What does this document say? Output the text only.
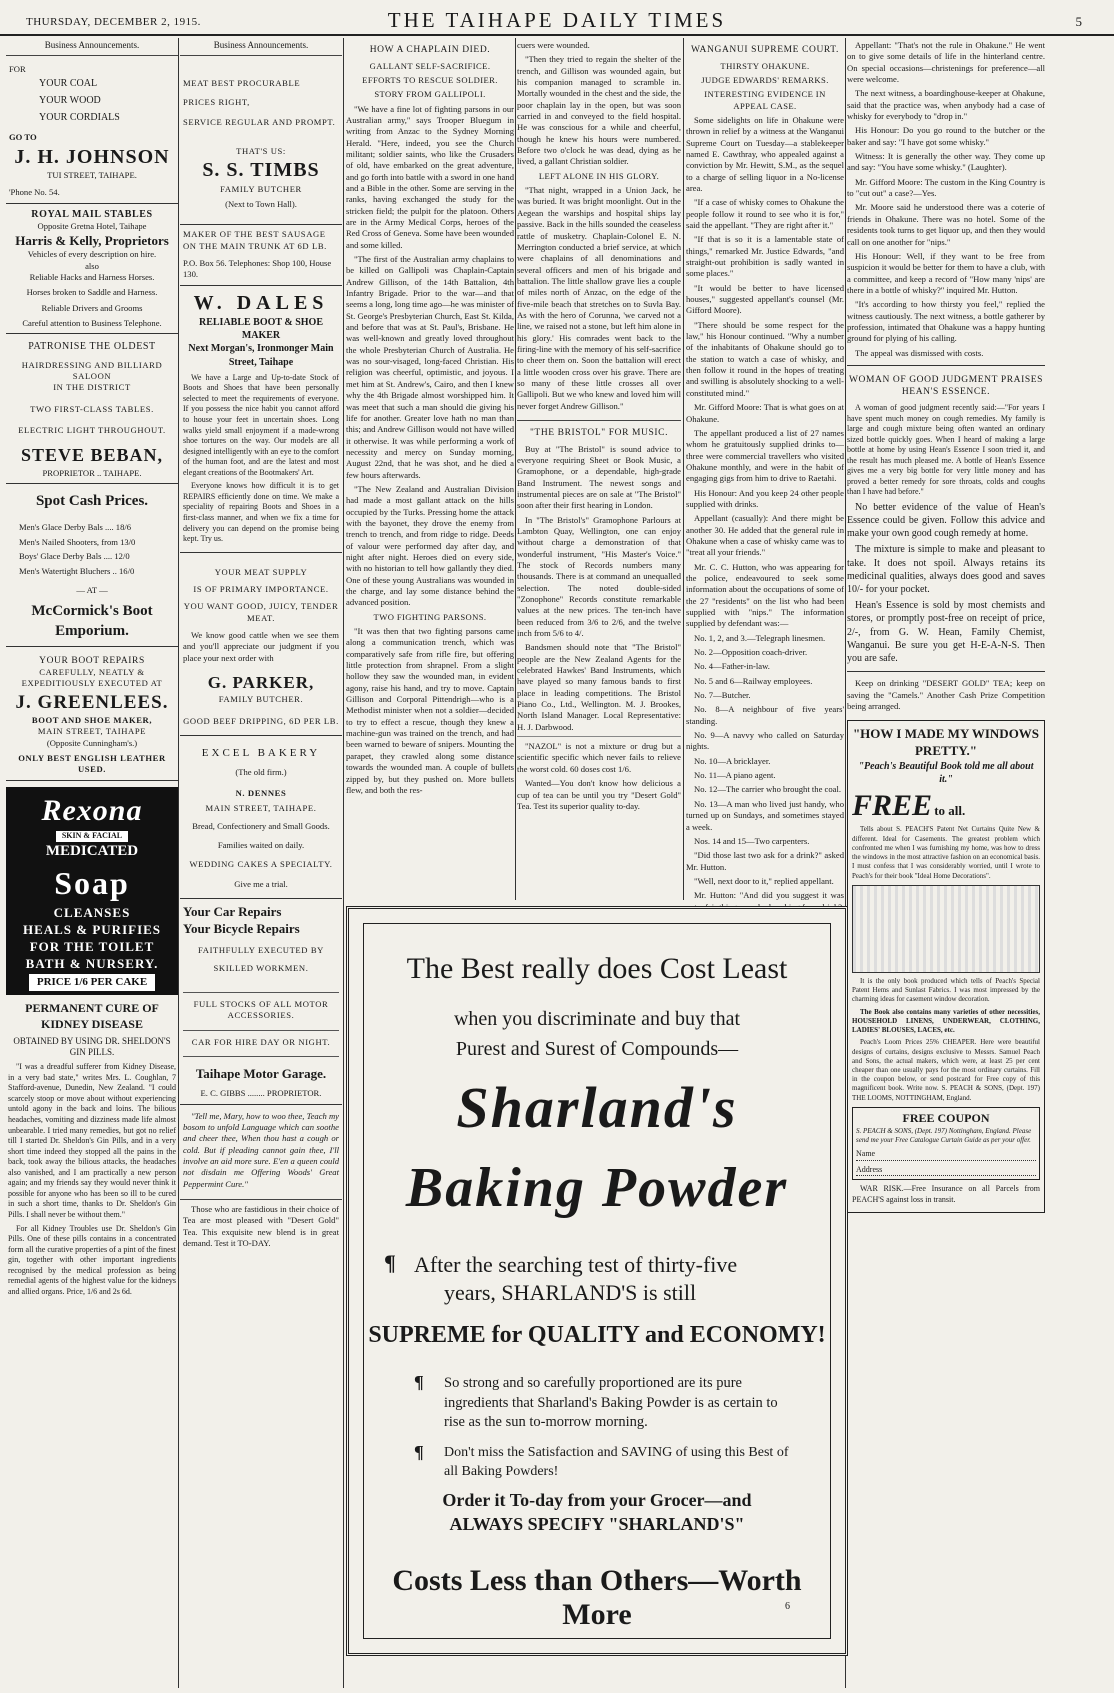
THURSDAY, DECEMBER 2, 1915.	THE TAIHAPE DAILY TIMES	5
Business Announcements.
FOR
YOUR COAL
YOUR WOOD
YOUR CORDIALS
GO TO
J. H. JOHNSON
TUI STREET, TAIHAPE.
'Phone No. 54.
ROYAL MAIL STABLES
Opposite Gretna Hotel, Taihape
Harris & Kelly, Proprietors
Vehicles of every description on hire.
also
Reliable Hacks and Harness Horses.
Horses broken to Saddle and Harness.
Reliable Drivers and Grooms
Careful attention to Business Telephone.
PATRONISE THE OLDEST
HAIRDRESSING AND BILLIARD SALOON
IN THE DISTRICT
TWO FIRST-CLASS TABLES.
ELECTRIC LIGHT THROUGHOUT.
STEVE BEBAN,
PROPRIETOR .. TAIHAPE.
Spot Cash Prices.
Men's Glace Derby Bals .... 18/6
Men's Nailed Shooters, from 13/0
Boys' Glace Derby Bals .... 12/0
Men's Watertight Bluchers .. 16/0
— AT —
McCormick's Boot Emporium.
YOUR BOOT REPAIRS
CAREFULLY, NEATLY & EXPEDITIOUSLY EXECUTED AT
J. GREENLEES.
BOOT AND SHOE MAKER,
MAIN STREET, TAIHAPE
(Opposite Cunningham's.)
ONLY BEST ENGLISH LEATHER USED.
Rexona
SKIN & FACIAL
MEDICATED Soap
CLEANSES
HEALS & PURIFIES
FOR THE TOILET
BATH & NURSERY.
PRICE 1/6 PER CAKE
PERMANENT CURE OF KIDNEY DISEASE
OBTAINED BY USING DR. SHELDON'S GIN PILLS.

"I was a dreadful sufferer from Kidney Disease, in a very bad state," writes Mrs. L. Coughlan, 7 Stafford-avenue, Dunedin, New Zealand. "I could scarcely stoop or move about without experiencing untold agony in the back and loins. The bilious headaches, vomiting and dizziness made life almost unbearable. I tried many remedies, but got no relief till I started Dr. Sheldon's Gin Pills, and in a very short time indeed they stopped all the pains in the back, took away the bilious attacks, the headaches also vanished, and I am practically a new person again; and my friends say they would never think it possible for anyone who has been so ill to be cured in such a short time, thanks to Dr. Sheldon's Gin Pills. I shall never be without them."

For all Kidney Troubles use Dr. Sheldon's Gin Pills. One of these pills contains in a concentrated form all the curative properties of a pint of the finest gin, together with other important ingredients recognised by the medical profession as being remedial agents of the highest value for the kidneys and allied organs. Price, 1/6 and 2s 6d.

Business Announcements.
MEAT BEST PROCURABLE
PRICES RIGHT,
SERVICE REGULAR AND PROMPT.
THAT'S US:
S. S. TIMBS
FAMILY BUTCHER
(Next to Town Hall).
MAKER OF THE BEST SAUSAGE ON THE MAIN TRUNK AT 6D LB.
P.O. Box 56. Telephones: Shop 100, House 130.
W. DALES
RELIABLE BOOT & SHOE MAKER
Next Morgan's, Ironmonger Main Street, Taihape

We have a Large and Up-to-date Stock of Boots and Shoes that have been personally selected to meet the requirements of everyone. If you possess the nice habit you cannot afford to house your feet in uncertain shoes. Long walks yield small enjoyment if a made-wrong shoe tortures on the way. Our models are all designed intelligently with an eye to the comfort of the human foot, and are the latest and most elegant creations of the Bootmakers' Art.

Everyone knows how difficult it is to get REPAIRS efficiently done on time. We make a speciality of repairing Boots and Shoes in a first-class manner, and when we fix a time for delivery you can depend on the promise being kept. Try us.

YOUR MEAT SUPPLY
IS OF PRIMARY IMPORTANCE.
YOU WANT GOOD, JUICY, TENDER MEAT.

We know good cattle when we see them and you'll appreciate our judgment if you place your next order with

G. PARKER,
FAMILY BUTCHER.
GOOD BEEF DRIPPING, 6D PER LB.
EXCEL BAKERY
(The old firm.)
N. DENNES
MAIN STREET, TAIHAPE.
Bread, Confectionery and Small Goods.
Families waited on daily.
WEDDING CAKES A SPECIALTY.
Give me a trial.
Your Car Repairs
Your Bicycle Repairs
FAITHFULLY EXECUTED BY
SKILLED WORKMEN.
FULL STOCKS OF ALL MOTOR ACCESSORIES.
CAR FOR HIRE DAY OR NIGHT.
Taihape Motor Garage.
E. C. GIBBS ........ PROPRIETOR.

"Tell me, Mary, how to woo thee, Teach my bosom to unfold Language which can soothe and cheer thee, When thou hast a cough or cold. But if pleading cannot gain thee, I'll involve an aid more sure. E'en a queen could not disdain me Offering Woods' Great Peppermint Cure."

Those who are fastidious in their choice of Tea are most pleased with "Desert Gold" Tea. This exquisite new blend is in great demand. Test it TO-DAY.

HOW A CHAPLAIN DIED.
GALLANT SELF-SACRIFICE.
EFFORTS TO RESCUE SOLDIER.
STORY FROM GALLIPOLI.

"We have a fine lot of fighting parsons in our Australian army," says Trooper Bluegum in writing from Anzac to the Sydney Morning Herald. "Here, indeed, you see the Church militant; soldier saints, who like the Crusaders of old, have embarked on the great adventure, and go forth into battle with a sword in one hand and a Bible in the other. Some are serving in the ranks, having exchanged the study for the stricken field; the pulpit for the platoon. Others are in the Army Medical Corps, heroes of the Red Cross of Geneva. Some have been wounded and some killed.

"The first of the Australian army chaplains to be killed on Gallipoli was Chaplain-Captain Andrew Gillison, of the 14th Battalion, 4th Infantry Brigade. Prior to the war—and that seems a long, long time ago—he was minister of St. George's Presbyterian Church, East St. Kilda, and before that was at St. Paul's, Brisbane. He was well-known and greatly loved throughout the whole Presbyterian Church of Australia. He was no sour-visaged, long-faced Christian. His religion was cheerful, optimistic, and joyous. I met him at St. Andrew's, Cairo, and then I knew why the 4th Brigade almost worshipped him. It was meet that such a man should die giving his life for another. Greater love hath no man than this; and Andrew Gillison would not have willed it otherwise. It was while performing a work of necessity and mercy on Sunday morning, August 22nd, that he was shot, and he died a few hours afterwards.

"The New Zealand and Australian Division had made a most gallant attack on the hills occupied by the Turks. Pressing home the attack with the bayonet, they drove the enemy from trench to trench, and from ridge to ridge. Deeds of valour were performed day after day, and night after night. Heroes died on every side, with no historian to tell how gallantly they died. One of these young Australians was wounded in the charge, and lay some distance behind the advanced position.

TWO FIGHTING PARSONS.

"It was then that two fighting parsons came along a communication trench, which was comparatively safe from rifle fire, but offering little protection from shrapnel. From a slight hollow they saw the wounded man, in evident agony, raise his hand, and try to move. Captain Gillison and Corporal Pittendrigh—who is a Methodist minister when not a soldier—decided to try to effect a rescue, though they knew a machine-gun was trained on the trench, and had been warned to beware of snipers. Mounting the parapet, they crawled along some distance towards the wounded man. A couple of bullets zipped by, but they pushed on. More bullets flew, and both the res-

cuers were wounded.

"Then they tried to regain the shelter of the trench, and Gillison was wounded again, but his companion managed to scramble in. Mortally wounded in the chest and the side, the poor chaplain lay in the open, but was soon carried in and conveyed to the field hospital. He was conscious for a while and cheerful, though he knew his hours were numbered. Before two o'clock he was dead, dying as he lived, a gallant Christian soldier.

LEFT ALONE IN HIS GLORY.

"That night, wrapped in a Union Jack, he was buried. It was bright moonlight. Out in the Aegean the warships and hospital ships lay passive. Back in the hills sounded the ceaseless rattle of musketry. Chaplain-Colonel E. N. Merrington conducted a brief service, at which were chaplains of all denominations and several officers and men of his brigade and battalion. The little shallow grave lies a couple of miles north of Anzac, on the edge of the five-mile beach that stretches on to Suvla Bay. As with the hero of Corunna, 'we carved not a line, we raised not a stone, but left him alone in his glory.' His comrades went back to the firing-line with the memory of his self-sacrifice to cheer them on. Soon the battalion will erect a little wooden cross over his grave. There are so many of these little crosses all over Gallipoli. But we who knew and loved him will never forget Andrew Gillison."

"THE BRISTOL" FOR MUSIC.

Buy at "The Bristol" is sound advice to everyone requiring Sheet or Book Music, a Gramophone, or a dependable, high-grade Band Instrument. The newest songs and instrumental pieces are on sale at "The Bristol" soon after their first hearing in London.

In "The Bristol's" Gramophone Parlours at Lambton Quay, Wellington, one can enjoy without charge a demonstration of that wonderful instrument, "His Master's Voice." The stock of Records numbers many thousands. There is at command an unequalled selection. The noted double-sided "Zonophone" Records constitute remarkable values at the new prices. The ten-inch have been reduced from 3/6 to 2/6, and the twelve inch from 5/6 to 4/.

Bandsmen should note that "The Bristol" people are the New Zealand Agents for the celebrated Hawkes' Band Instruments, which have played so many famous bands to first place in leading competitions. The Bristol Piano Co., Ltd., Wellington. M. J. Brookes, North Island Manager. Local Representative: H. J. Darbwood.

"NAZOL" is not a mixture or drug but a scientific specific which never fails to relieve the worst cold. 60 doses cost 1/6.

Wanted—You don't know how delicious a cup of tea can be until you try "Desert Gold" Tea. Test its superior quality to-day.

WANGANUI SUPREME COURT.
THIRSTY OHAKUNE.
JUDGE EDWARDS' REMARKS.
INTERESTING EVIDENCE IN APPEAL CASE.

Some sidelights on life in Ohakune were thrown in relief by a witness at the Wanganui Supreme Court on Tuesday—a stablekeeper named E. Cawthray, who appealed against a conviction by Mr. Hewitt, S.M., as the sequel to a charge of selling liquor in a No-license area.

"If a case of whisky comes to Ohakune the people follow it round to see who it is for," said the appellant. "They are right after it."

"If that is so it is a lamentable state of things," remarked Mr. Justice Edwards, "and straight-out prohibition is sadly wanted in some places."

"It would be better to have licensed houses," suggested appellant's counsel (Mr. Gifford Moore).

"There should be some respect for the law," his Honour continued. "Why a number of the inhabitants of Ohakune should go to the station to watch a case of whisky, and then follow it round in the hopes of treating and swilling is absolutely shocking to a well-constituted mind."

Mr. Gifford Moore: That is what goes on at Ohakune.

The appellant produced a list of 27 names whom he gratuitously supplied drinks to—three were commercial travellers who visited Ohakune monthly, and were in the habit of engaging gigs from him to drive to Raetahi.

His Honour: And you keep 24 other people supplied with drinks.

Appellant (casually): And there might be another 30. He added that the general rule in Ohakune when a case of whisky came was to "treat all your friends."

Mr. C. C. Hutton, who was appearing for the police, endeavoured to seek some information about the occupations of some of the 27 "residents" on the list who had been supplied with "nips." The information supplied by defendant was:—

No. 1, 2, and 3.—Telegraph linesmen.

No. 2—Opposition coach-driver.

No. 4—Father-in-law.

No. 5 and 6—Railway employees.

No. 7—Butcher.

No. 8—A neighbour of five years' standing.

No. 9—A navvy who called on Saturday nights.

No. 10—A bricklayer.

No. 11—A piano agent.

No. 12—The carrier who brought the coal.

No. 13—A man who lived just handy, who turned up on Sundays, and sometimes stayed a week.

Nos. 14 and 15—Two carpenters.

"Did those last two ask for a drink?" asked Mr. Hutton.

"Well, next door to it," replied appellant.

Mr. Hutton: "And did you suggest it was

Appellant: "That's not the rule in Ohakune." He went on to give some details of life in the hinterland centre. On special occasions—christenings for preference—all were welcome.

The next witness, a boardinghouse-keeper at Ohakune, said that the practice was, when anybody had a case of whisky for everybody to "drop in."

His Honour: Do you go round to the butcher or the baker and say: "I have got some whisky."

Witness: It is generally the other way. They come up and say: "You have some whisky." (Laughter).

Mr. Gifford Moore: The custom in the King Country is to "cut out" a case?—Yes.

Mr. Moore said he understood there was a coterie of friends in Ohakune. There was no hotel. Some of the residents took turns to get liquor up, and then they would call on one another for "nips."

His Honour: Well, if they want to be free from suspicion it would be better for them to have a club, with a committee, and keep a record of "How many 'nips' are there in a bottle of whisky?" inquired Mr. Hutton.

"It's according to how thirsty you feel," replied the witness cautiously. The next witness, a bottle gatherer by profession, intimated that Ohakune was a happy hunting ground for plying of his calling.

The appeal was dismissed with costs.

WOMAN OF GOOD JUDGMENT PRAISES HEAN'S ESSENCE.

A woman of good judgment recently said:—"For years I have spent much money on cough remedies. My family is large and cough mixture being often wanted an ordinary sized bottle quickly goes. When I heard of making a large bottle at home by using Hean's Essence I soon tried it, and the result has much pleased me. A bottle of Hean's Essence gives me a very big bottle for very little money and has proved a better remedy for sore throats, colds and coughs than I have had before."

No better evidence of the value of Hean's Essence could be given. Follow this advice and make your own good cough remedy at home.

The mixture is simple to make and pleasant to take. It does not spoil. Always retains its medicinal qualities, always does good and saves 10/- for your pocket.

Hean's Essence is sold by most chemists and stores, or promptly post-free on receipt of price, 2/-, from G. W. Hean, Family Chemist, Wanganui. Be sure you get H-E-A-N-S. Then you are safe.

Keep on drinking "DESERT GOLD" TEA; keep on saving the "Camels." Another Cash Prize Competition being arranged.

"HOW I MADE MY WINDOWS PRETTY."
"Peach's Beautiful Book told me all about it."
FREE to all.

Tells about S. PEACH'S Patent Net Curtains Quite New & different. Ideal for Casements. The greatest problem which confronted me when I was furnishing my home, was how to dress the windows in the most attractive fashion on an economical basis. I must confess that I was considerably worried, until I wrote to Peach's for their book "Ideal Home Decorations".

It is the only book produced which tells of Peach's Special Patent Hems and Sunlast Fabrics. I was most impressed by the charming ideas for casement window decoration.

The Book also contains many varieties of other necessities, HOUSEHOLD LINENS, UNDERWEAR, CLOTHING, LADIES' BLOUSES, LACES, etc.

Peach's Loom Prices 25% CHEAPER. Here were beautiful designs of curtains, designs exclusive to Messrs. Samuel Peach and Sons, the actual makers, which were, at least 25 per cent cheaper than one usually pays for the most ordinary curtains. Fill in the coupon below, or send postcard for Free copy of this magnificent book. Write now. S. PEACH & SONS, (Dept. 197) THE LOOMS, NOTTINGHAM, England.

FREE COUPON
S. PEACH & SONS, (Dept. 197) Nottingham, England. Please send me your Free Catalogue Curtain Guide as per your offer.
Name
Address

WAR RISK.—Free Insurance on all Parcels from PEACH'S against loss in transit.

The Best really does Cost Least
when you discriminate and buy that
Purest and Surest of Compounds—
Sharland's
Baking Powder
¶ After the searching test of thirty-five
years, SHARLAND'S is still
SUPREME for QUALITY and ECONOMY!
¶ So strong and so carefully proportioned are its pure ingredients that Sharland's Baking Powder is as certain to rise as the sun to-morrow morning.
¶ Don't miss the Satisfaction and SAVING of using this Best of all Baking Powders!
Order it To-day from your Grocer—and
ALWAYS SPECIFY "SHARLAND'S"
Costs Less than Others—Worth More	6
